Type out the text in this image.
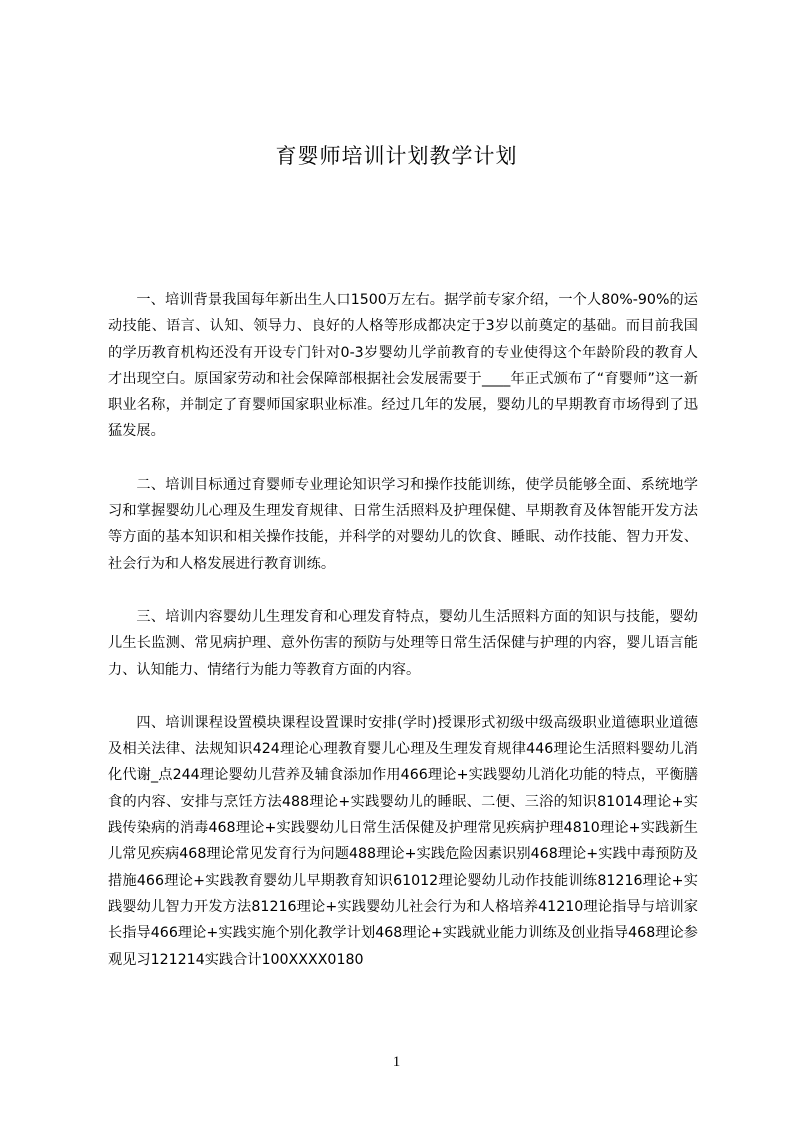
育婴师培训计划教学计划

一、培训背景我国每年新出生人口1500万左右。据学前专家介绍，一个人80%-90%的运动技能、语言、认知、领导力、良好的人格等形成都决定于3岁以前奠定的基础。而目前我国的学历教育机构还没有开设专门针对0-3岁婴幼儿学前教育的专业使得这个年龄阶段的教育人才出现空白。原国家劳动和社会保障部根据社会发展需要于____年正式颁布了“育婴师”这一新职业名称，并制定了育婴师国家职业标准。经过几年的发展，婴幼儿的早期教育市场得到了迅猛发展。

二、培训目标通过育婴师专业理论知识学习和操作技能训练，使学员能够全面、系统地学习和掌握婴幼儿心理及生理发育规律、日常生活照料及护理保健、早期教育及体智能开发方法等方面的基本知识和相关操作技能，并科学的对婴幼儿的饮食、睡眠、动作技能、智力开发、社会行为和人格发展进行教育训练。

三、培训内容婴幼儿生理发育和心理发育特点，婴幼儿生活照料方面的知识与技能，婴幼儿生长监测、常见病护理、意外伤害的预防与处理等日常生活保健与护理的内容，婴儿语言能力、认知能力、情绪行为能力等教育方面的内容。

四、培训课程设置模块课程设置课时安排(学时)授课形式初级中级高级职业道德职业道德及相关法律、法规知识424理论心理教育婴儿心理及生理发育规律446理论生活照料婴幼儿消化代谢_点244理论婴幼儿营养及辅食添加作用466理论+实践婴幼儿消化功能的特点，平衡膳食的内容、安排与烹饪方法488理论+实践婴幼儿的睡眠、二便、三浴的知识81014理论+实践传染病的消毒468理论+实践婴幼儿日常生活保健及护理常见疾病护理4810理论+实践新生儿常见疾病468理论常见发育行为问题488理论+实践危险因素识别468理论+实践中毒预防及措施466理论+实践教育婴幼儿早期教育知识61012理论婴幼儿动作技能训练81216理论+实践婴幼儿智力开发方法81216理论+实践婴幼儿社会行为和人格培养41210理论指导与培训家长指导466理论+实践实施个别化教学计划468理论+实践就业能力训练及创业指导468理论参观见习121214实践合计100XXXX0180

1
